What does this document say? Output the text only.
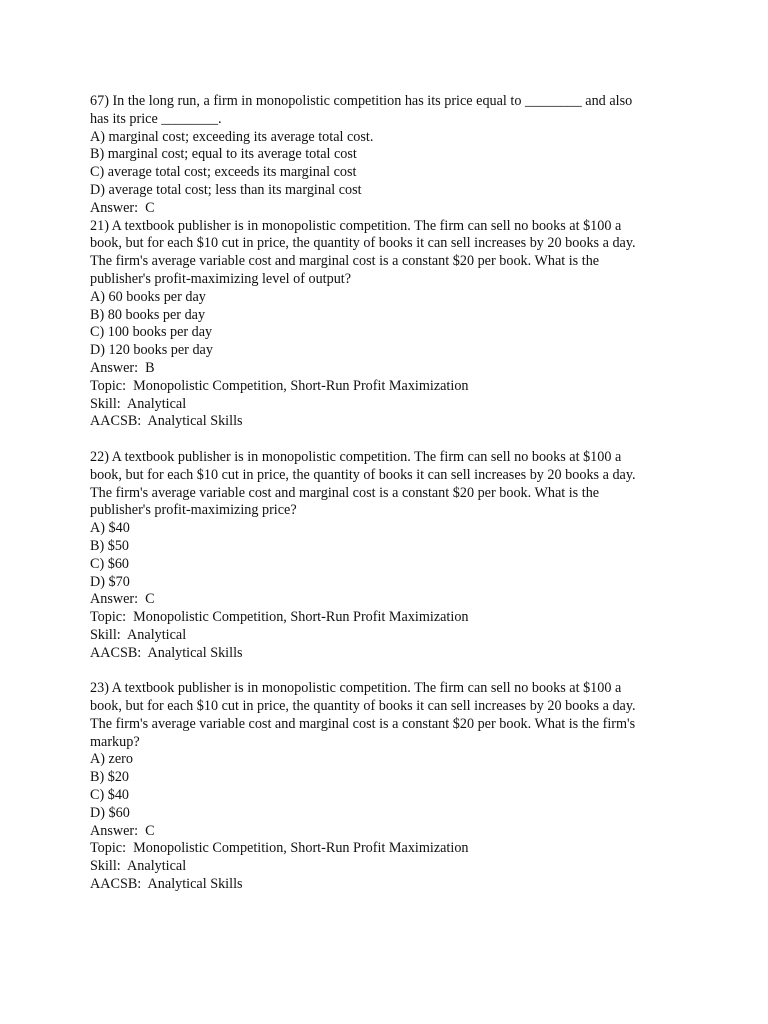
67) In the long run, a firm in monopolistic competition has its price equal to ________ and also
has its price ________.
A) marginal cost; exceeding its average total cost.
B) marginal cost; equal to its average total cost
C) average total cost; exceeds its marginal cost
D) average total cost; less than its marginal cost
Answer:  C
21) A textbook publisher is in monopolistic competition. The firm can sell no books at $100 a
book, but for each $10 cut in price, the quantity of books it can sell increases by 20 books a day.
The firm's average variable cost and marginal cost is a constant $20 per book. What is the
publisher's profit-maximizing level of output?
A) 60 books per day
B) 80 books per day
C) 100 books per day
D) 120 books per day
Answer:  B
Topic:  Monopolistic Competition, Short-Run Profit Maximization
Skill:  Analytical
AACSB:  Analytical Skills
22) A textbook publisher is in monopolistic competition. The firm can sell no books at $100 a
book, but for each $10 cut in price, the quantity of books it can sell increases by 20 books a day.
The firm's average variable cost and marginal cost is a constant $20 per book. What is the
publisher's profit-maximizing price?
A) $40
B) $50
C) $60
D) $70
Answer:  C
Topic:  Monopolistic Competition, Short-Run Profit Maximization
Skill:  Analytical
AACSB:  Analytical Skills
23) A textbook publisher is in monopolistic competition. The firm can sell no books at $100 a
book, but for each $10 cut in price, the quantity of books it can sell increases by 20 books a day.
The firm's average variable cost and marginal cost is a constant $20 per book. What is the firm's
markup?
A) zero
B) $20
C) $40
D) $60
Answer:  C
Topic:  Monopolistic Competition, Short-Run Profit Maximization
Skill:  Analytical
AACSB:  Analytical Skills
